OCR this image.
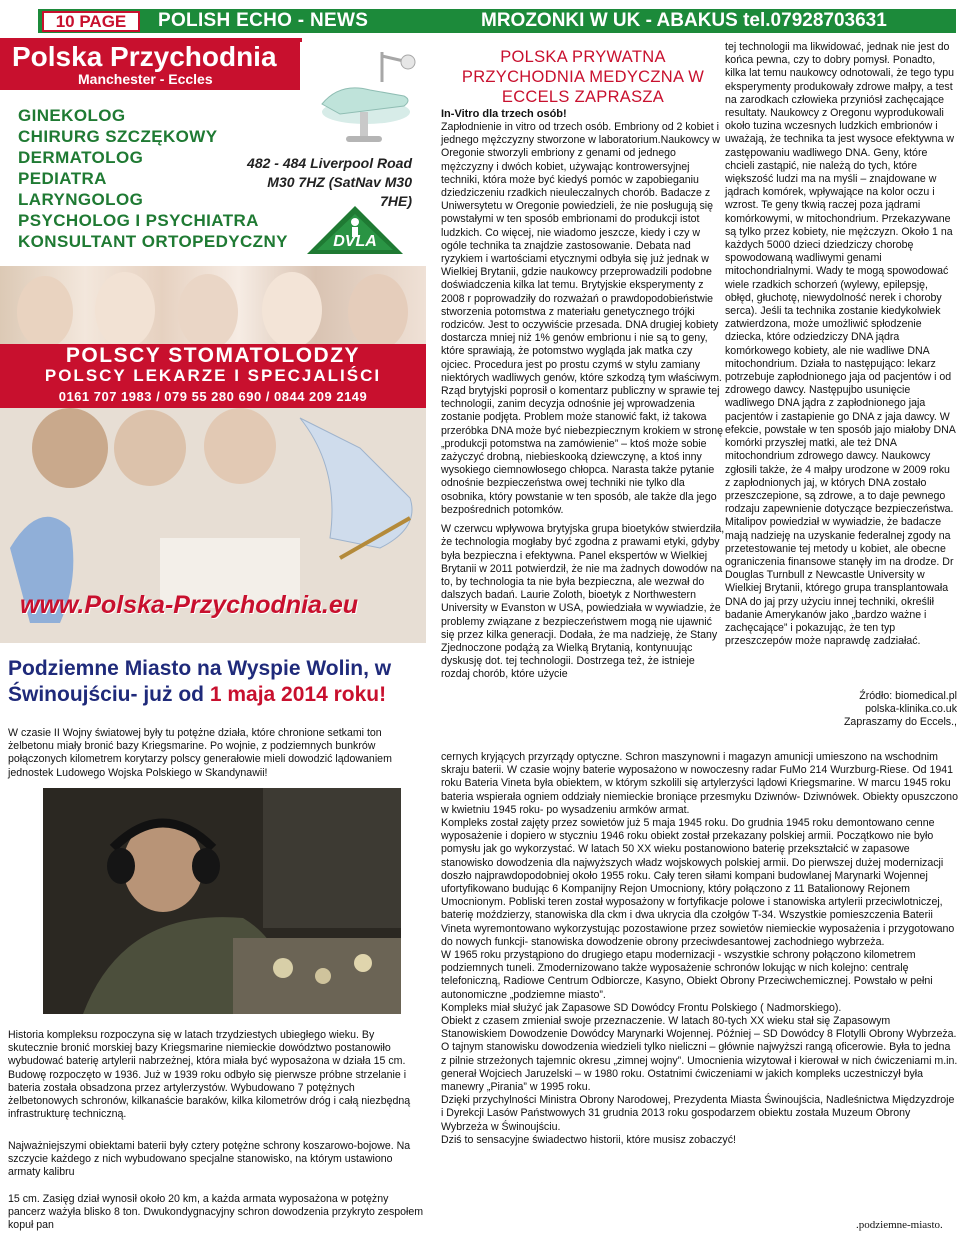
10 PAGE	POLISH ECHO - NEWS	MROZONKI W UK - ABAKUS tel.07928703631
Polska Przychodnia
Manchester - Eccles
GINEKOLOG
CHIRURG SZCZĘKOWY
DERMATOLOG
PEDIATRA
LARYNGOLOG
PSYCHOLOG I PSYCHIATRA
KONSULTANT ORTOPEDYCZNY
482 - 484 Liverpool Road
M30 7HZ (SatNav M30 7HE)
DVLA
POLSCY STOMATOLODZY
POLSCY LEKARZE I SPECJALIŚCI
0161 707 1983 / 079 55 280 690 / 0844 209 2149
www.Polska-Przychodnia.eu
Podziemne Miasto na Wyspie Wolin, w Świnoujściu- już od 1 maja 2014 roku!
W czasie II Wojny światowej były tu potężne działa, które chronione setkami ton żelbetonu miały bronić bazy Kriegsmarine. Po wojnie, z podziemnych bunkrów połączonych kilometrem korytarzy polscy generałowie mieli dowodzić lądowaniem jednostek Ludowego Wojska Polskiego w Skandynawii!
Historia kompleksu rozpoczyna się w latach trzydziestych ubiegłego wieku. By skutecznie bronić morskiej bazy Kriegsmarine niemieckie dowództwo postanowiło wybudować baterię artylerii nabrzeżnej, która miała być wyposażona w działa 15 cm. Budowę rozpoczęto w 1936. Już w 1939 roku odbyło się pierwsze próbne strzelanie i bateria została obsadzona przez artylerzystów. Wybudowano 7 potężnych żelbetonowych schronów, kilkanaście baraków, kilka kilometrów dróg i całą niezbędną infrastrukturę techniczną.
Najważniejszymi obiektami baterii były cztery potężne schrony koszarowo-bojowe. Na szczycie każdego z nich wybudowano specjalne stanowisko, na którym ustawiono armaty kalibru
15 cm. Zasięg dział wynosił około 20 km, a każda armata wyposażona w potężny pancerz ważyła blisko 8 ton. Dwukondygnacyjny schron dowodzenia przykryto zespołem kopuł pan
POLSKA PRYWATNA PRZYCHODNIA MEDYCZNA W ECCELS ZAPRASZA
In-Vitro dla trzech osób!

Zapłodnienie in vitro od trzech osób. Embriony od 2 kobiet i jednego mężczyzny stworzone w laboratorium.Naukowcy w Oregonie stworzyli embriony z genami od jednego mężczyzny i dwóch kobiet, używając kontrowersyjnej techniki, która może być kiedyś pomóc w zapobieganiu dziedziczeniu rzadkich nieuleczalnych chorób. Badacze z Uniwersytetu w Oregonie powiedzieli, że nie posługują się powstałymi w ten sposób embrionami do produkcji istot ludzkich. Co więcej, nie wiadomo jeszcze, kiedy i czy w ogóle technika ta znajdzie zastosowanie. Debata nad ryzykiem i wartościami etycznymi odbyła się już jednak w Wielkiej Brytanii, gdzie naukowcy przeprowadzili podobne doświadczenia kilka lat temu. Brytyjskie eksperymenty z 2008 r poprowadziły do rozważań o prawdopodobieństwie stworzenia potomstwa z materiału genetycznego trójki rodziców. Jest to oczywiście przesada. DNA drugiej kobiety dostarcza mniej niż 1% genów embrionu i nie są to geny, które sprawiają, że potomstwo wygląda jak matka czy ojciec. Procedura jest po prostu czymś w stylu zamiany niektórych wadliwych genów, które szkodzą tym właściwym. Rząd brytyjski poprosił o komentarz publiczny w sprawie tej technologii, zanim decyzja odnośnie jej wprowadzenia zostanie podjęta. Problem może stanowić fakt, iż takowa przeróbka DNA może być niebezpiecznym krokiem w stronę „produkcji potomstwa na zamówienie” – ktoś może sobie zażyczyć drobną, niebieskooką dziewczynę, a ktoś inny wysokiego ciemnowłosego chłopca. Narasta także pytanie odnośnie bezpieczeństwa owej techniki nie tylko dla osobnika, który powstanie w ten sposób, ale także dla jego bezpośrednich potomków.

W czerwcu wpływowa brytyjska grupa bioetyków stwierdziła, że technologia mogłaby być zgodna z prawami etyki, gdyby była bezpieczna i efektywna. Panel ekspertów w Wielkiej Brytanii w 2011 potwierdził, że nie ma żadnych dowodów na to, by technologia ta nie była bezpieczna, ale wezwał do dalszych badań. Laurie Zoloth, bioetyk z Northwestern University w Evanston w USA, powiedziała w wywiadzie, że problemy związane z bezpieczeństwem mogą nie ujawnić się przez kilka generacji. Dodała, że ma nadzieję, że Stany Zjednoczone podążą za Wielką Brytanią, kontynuując dyskusję dot. tej technologii. Dostrzega też, że istnieje rozdaj chorób, które użycie

tej technologii ma likwidować, jednak nie jest do końca pewna, czy to dobry pomysł. Ponadto, kilka lat temu naukowcy odnotowali, że tego typu eksperymenty produkowały zdrowe małpy, a test na zarodkach człowieka przyniósł zachęcające resultaty. Naukowcy z Oregonu wyprodukowali około tuzina wczesnych ludzkich embrionów i uważają, że technika ta jest wysoce efektywna w zastępowaniu wadliwego DNA. Geny, które chcieli zastąpić, nie należą do tych, które większość ludzi ma na myśli – znajdowane w jądrach komórek, wpływające na kolor oczu i wzrost. Te geny tkwią raczej poza jądrami komórkowymi, w mitochondrium. Przekazywane są tylko przez kobiety, nie mężczyzn. Około 1 na każdych 5000 dzieci dziedziczy chorobę spowodowaną wadliwymi genami mitochondrialnymi. Wady te mogą spowodować wiele rzadkich schorzeń (wylewy, epilepsję, obłęd, głuchotę, niewydolność nerek i choroby serca). Jeśli ta technika zostanie kiedykolwiek zatwierdzona, może umożliwić spłodzenie dziecka, które odziedziczy DNA jądra komórkowego kobiety, ale nie wadliwe DNA mitochondrium. Działa to następująco: lekarz potrzebuje zapłodnionego jaja od pacjentów i od zdrowego dawcy. Następujbo usunięcie wadliwego DNA jądra z zapłodnionego jaja pacjentów i zastapienie go DNA z jaja dawcy. W efekcie, powstałe w ten sposób jajo miałoby DNA komórki przyszłej matki, ale też DNA mitochondrium zdrowego dawcy. Naukowcy zgłosili także, że 4 małpy urodzone w 2009 roku z zapłodnionych jaj, w których DNA zostało przeszczepione, są zdrowe, a to daje pewnego rodzaju zapewnienie dotyczące bezpieczeństwa. Mitalipov powiedział w wywiadzie, że badacze mają nadzieję na uzyskanie federalnej zgody na przetestowanie tej metody u kobiet, ale obecne ograniczenia finansowe stanęły im na drodze. Dr Douglas Turnbull z Newcastle University w Wielkiej Brytanii, którego grupa transplantowała DNA do jaj przy użyciu innej techniki, określił badanie Amerykanów jako „bardzo ważne i zachęcające” i pokazując, że ten typ przeszczepów może naprawdę zadziałać.

Źródło: biomedical.pl
polska-klinika.co.uk
Zapraszamy do Eccels.,

cernych kryjących przyrządy optyczne. Schron maszynowni i magazyn amunicji umieszono na wschodnim skraju baterii. W czasie wojny baterie wyposażono w nowoczesny radar FuMo 214 Wurzburg-Riese. Od 1941 roku Bateria Vineta była obiektem, w którym szkolili się artylerzyści lądowi Kriegsmarine. W marcu 1945 roku bateria wspierała ogniem oddziały niemieckie broniące przesmyku Dziwnów- Dziwnówek. Obiekty opuszczono w kwietniu 1945 roku- po wysadzeniu armków armat.

Kompleks został zajęty przez sowietów już 5 maja 1945 roku. Do grudnia 1945 roku demontowano cenne wyposażenie i dopiero w styczniu 1946 roku obiekt został przekazany polskiej armii. Początkowo nie było pomysłu jak go wykorzystać. W latach 50 XX wieku postanowiono baterię przekształcić w zapasowe stanowisko dowodzenia dla najwyższych władz wojskowych polskiej armii. Do pierwszej dużej modernizacji doszło najprawdopodobniej około 1955 roku. Cały teren siłami kompani budowlanej Marynarki Wojennej ufortyfikowano budując 6 Kompanijny Rejon Umocniony, który połączono z 11 Batalionowy Rejonem Umocnionym. Pobliski teren został wyposażony w fortyfikacje polowe i stanowiska artylerii przeciwlotniczej, baterię moździerzy, stanowiska dla ckm i dwa ukrycia dla czołgów T-34. Wszystkie pomieszczenia Baterii Vineta wyremontowano wykorzystując pozostawione przez sowietów niemieckie wyposażenia i przygotowano do nowych funkcji- stanowiska dowodzenie obrony przeciwdesantowej zachodniego wybrzeża.

W 1965 roku przystąpiono do drugiego etapu modernizacji - wszystkie schrony połączono kilometrem podziemnych tuneli. Zmodernizowano także wyposażenie schronów lokując w nich kolejno: centralę telefoniczną, Radiowe Centrum Odbiorcze, Kasyno, Obiekt Obrony Przeciwchemicznej. Powstało w pełni autonomiczne „podziemne miasto”.

Kompleks miał służyć jak Zapasowe SD Dowódcy Frontu Polskiego ( Nadmorskiego).

Obiekt z czasem zmieniał swoje przeznaczenie. W latach 80-tych XX wieku stał się Zapasowym Stanowiskiem Dowodzenie Dowódcy Marynarki Wojennej. Później – SD Dowódcy 8 Flotylli Obrony Wybrzeża.

O tajnym stanowisku dowodzenia wiedzieli tylko nieliczni – głównie najwyższi rangą oficerowie. Była to jedna z pilnie strzeżonych tajemnic okresu „zimnej wojny”. Umocnienia wizytował i kierował w nich ćwiczeniami m.in. generał Wojciech Jaruzelski – w 1980 roku. Ostatnimi ćwiczeniami w jakich kompleks uczestniczył była manewry „Pirania” w 1995 roku.

Dzięki przychylności Ministra Obrony Narodowej, Prezydenta Miasta Świnoujścia, Nadleśnictwa Międzyzdroje i Dyrekcji Lasów Państwowych 31 grudnia 2013 roku gospodarzem obiektu została Muzeum Obrony Wybrzeża w Świnoujściu.

Dziś to sensacyjne świadectwo historii, które musisz zobaczyć!

.podziemne-miasto.
